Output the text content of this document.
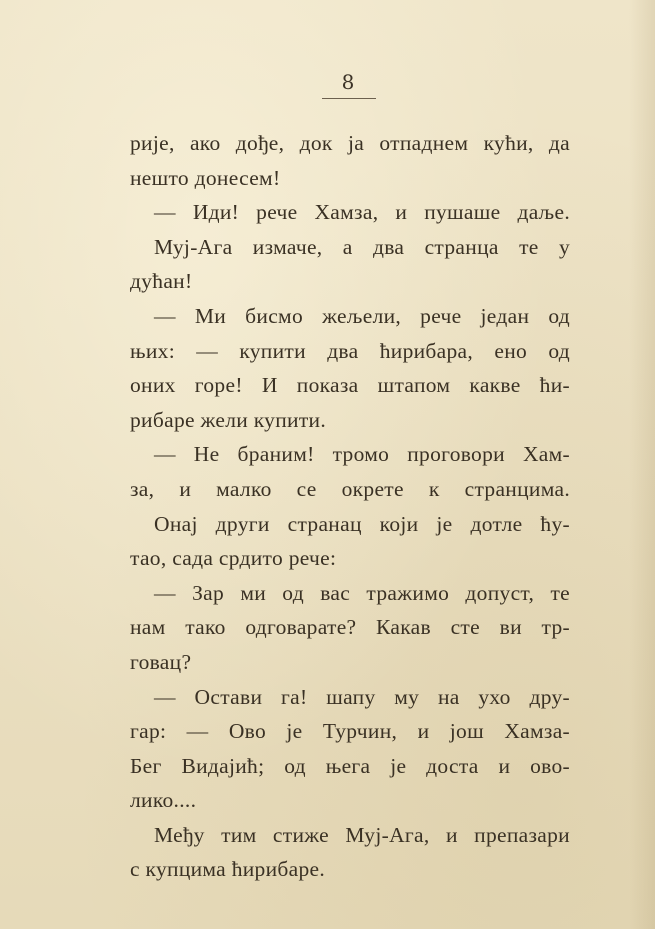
8
рије, ако дође, док ја отпаднем кући, да
нешто донесем!
— Иди! рече Хамза, и пушаше даље.
Муј-Ага измаче, а два странца те у
дућан!
— Ми бисмо жељели, рече један од
њих: — купити два ћирибара, ено од
оних горе! И показа штапом какве ћи-
рибаре жели купити.
— Не браним! тромо проговори Хам-
за, и малко се окрете к странцима.
Онај други странац који је дотле ћу-
тао, сада срдито рече:
— Зар ми од вас тражимо допуст, те
нам тако одговарате? Какав сте ви тр-
говац?
— Остави га! шапу му на ухо дру-
гар: — Ово је Турчин, и још Хамза-
Бег Видајић; од њега је доста и ово-
лико....
Међу тим стиже Муј-Ага, и препазари
с купцима ћирибаре.
